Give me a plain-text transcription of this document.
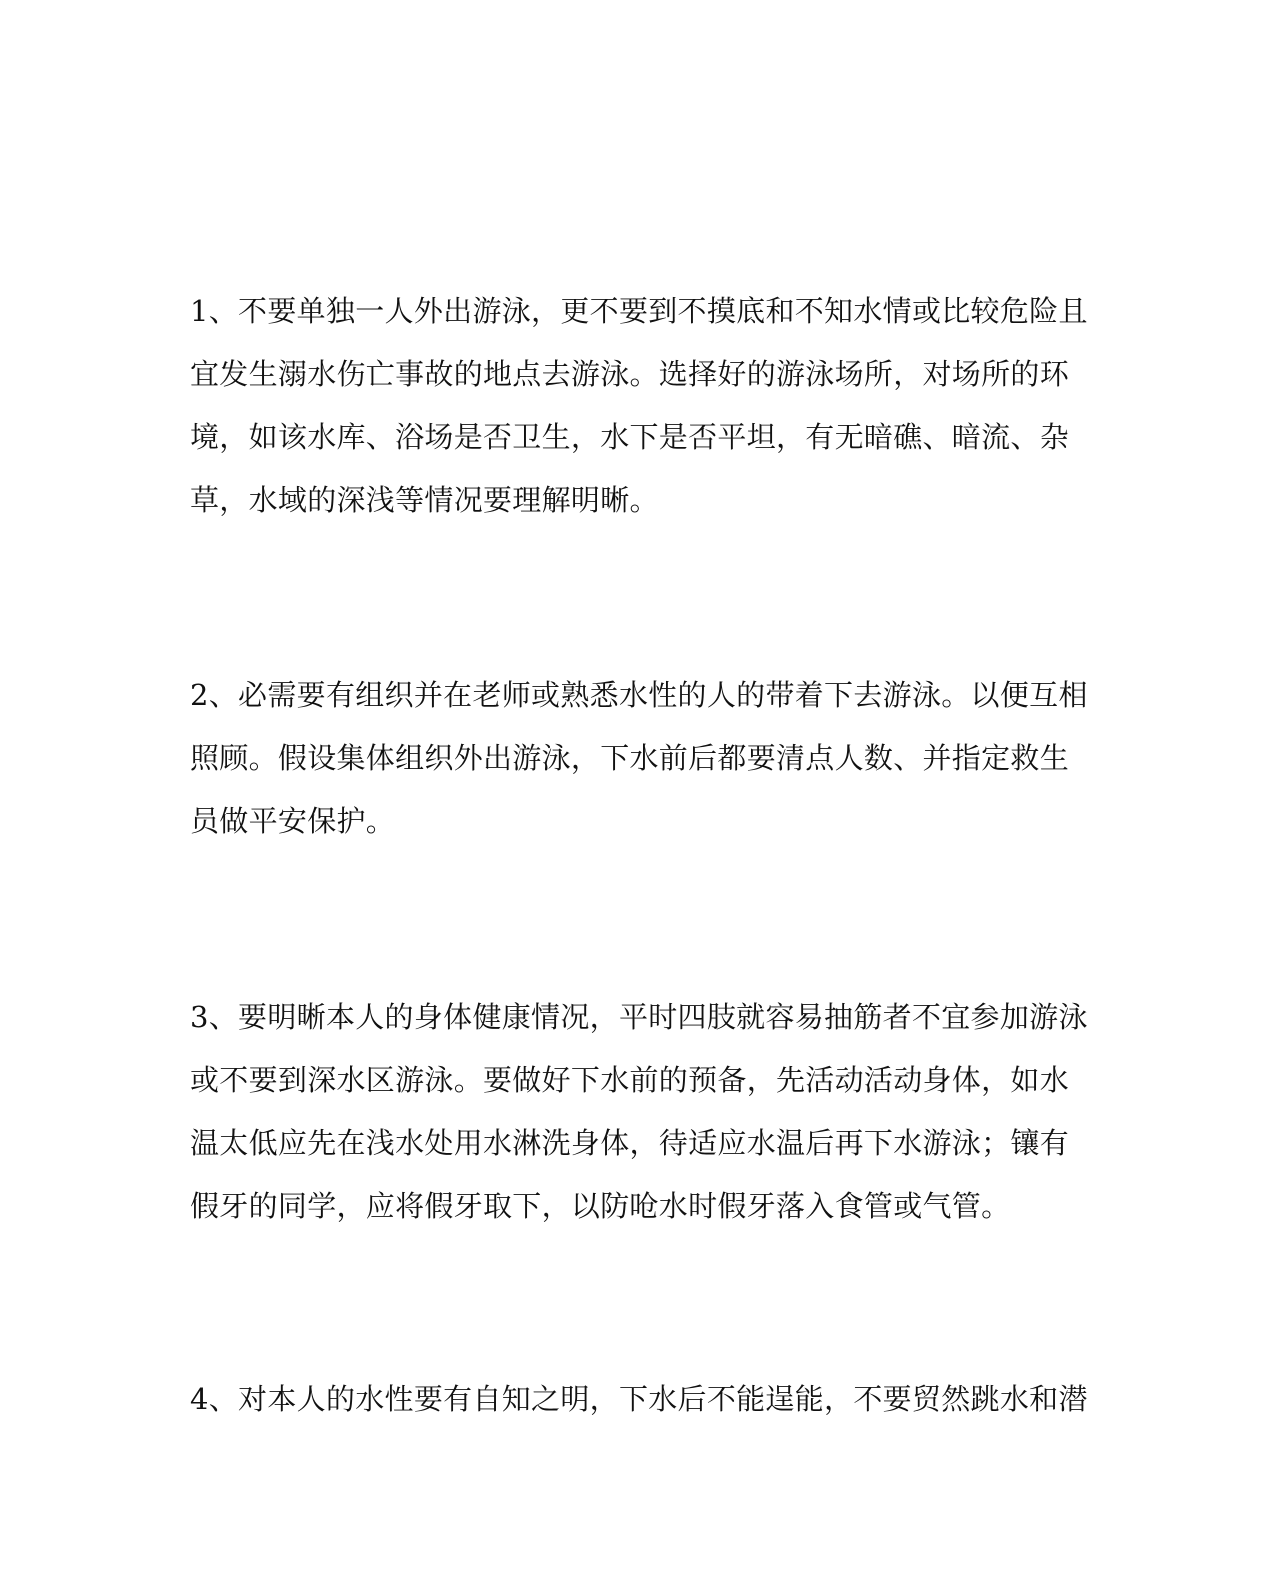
1、不要单独一人外出游泳，更不要到不摸底和不知水情或比较危险且
宜发生溺水伤亡事故的地点去游泳。选择好的游泳场所，对场所的环
境，如该水库、浴场是否卫生，水下是否平坦，有无暗礁、暗流、杂
草，水域的深浅等情况要理解明晰。
2、必需要有组织并在老师或熟悉水性的人的带着下去游泳。以便互相
照顾。假设集体组织外出游泳，下水前后都要清点人数、并指定救生
员做平安保护。
3、要明晰本人的身体健康情况，平时四肢就容易抽筋者不宜参加游泳
或不要到深水区游泳。要做好下水前的预备，先活动活动身体，如水
温太低应先在浅水处用水淋洗身体，待适应水温后再下水游泳；镶有
假牙的同学，应将假牙取下，以防呛水时假牙落入食管或气管。
4、对本人的水性要有自知之明，下水后不能逞能，不要贸然跳水和潜
